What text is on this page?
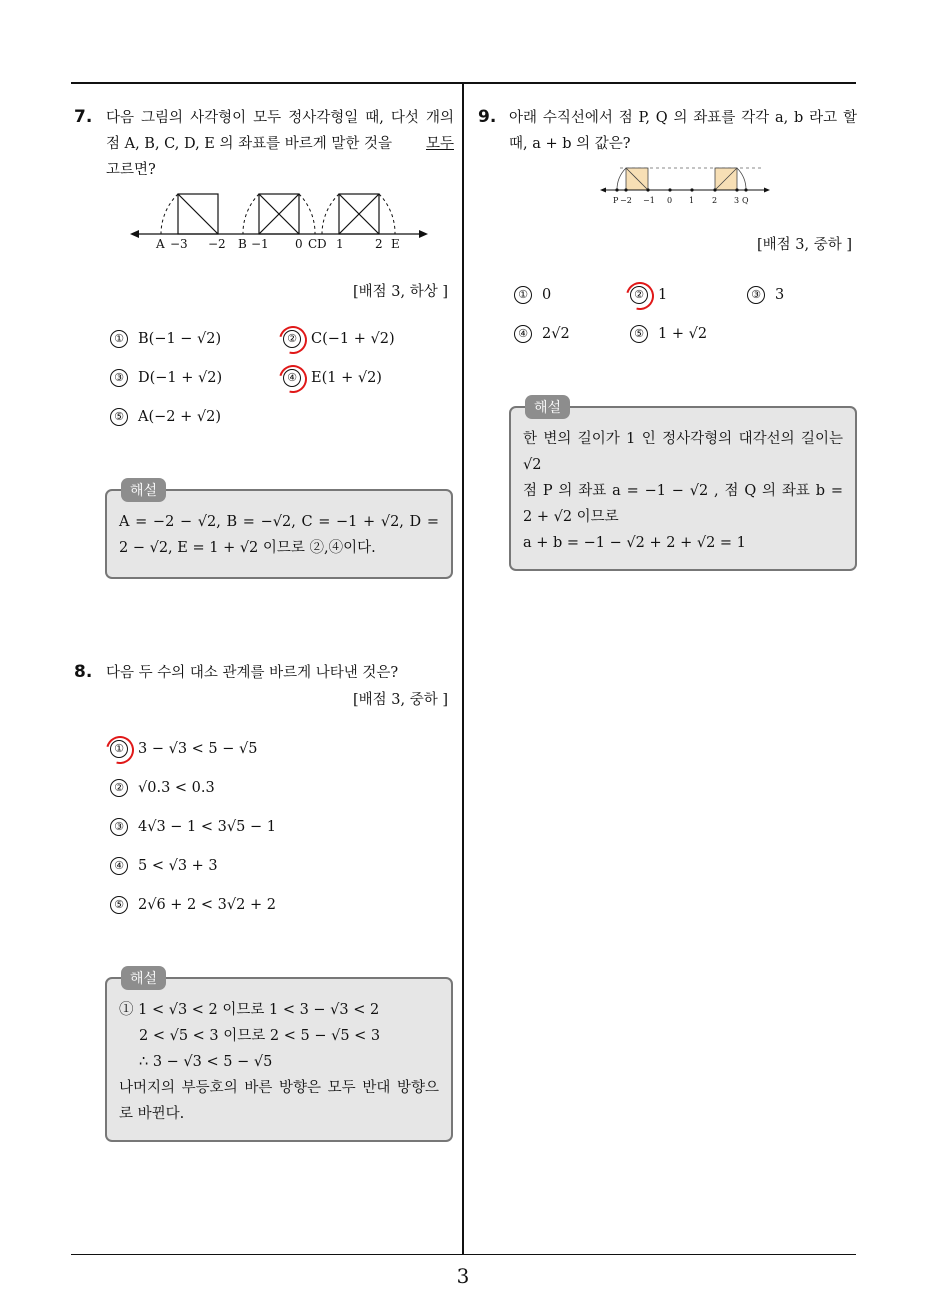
3
7. 다음 그림의 사각형이 모두 정사각형일 때, 다섯 개의
점 A, B, C, D, E 의 좌표를 바르게 말한 것을 모두
고르면?
A −3 −2 B −1 0 C D 1	2 E
[배점 3, 하상 ]
① B(−1 − √2)	② C(−1 + √2)
③ D(−1 + √2)	④ E(1 + √2)
⑤ A(−2 + √2)
해설
A = −2 − √2, B = −√2, C = −1 + √2, D =
2 − √2, E = 1 + √2 이므로 ②,④이다.
8. 다음 두 수의 대소 관계를 바르게 나타낸 것은?
[배점 3, 중하 ]
① 3 − √3 < 5 − √5
② √0.3 < 0.3
③ 4√3 − 1 < 3√5 − 1
④ 5 < √3 + 3
⑤ 2√6 + 2 < 3√2 + 2
해설
① 1 < √3 < 2 이므로 1 < 3 − √3 < 2
2 < √5 < 3 이므로 2 < 5 − √5 < 3
∴ 3 − √3 < 5 − √5
나머지의 부등호의 바른 방향은 모두 반대 방향으
로 바뀐다.
9. 아래 수직선에서 점 P, Q 의 좌표를 각각 a, b 라고 할
때, a + b 의 값은?
P −2 −1 0 1 2 3 Q
[배점 3, 중하 ]
① 0	② 1	③ 3
④ 2√2	⑤ 1 + √2
해설
한 변의 길이가 1 인 정사각형의 대각선의 길이는
√2
점 P 의 좌표 a = −1 − √2 , 점 Q 의 좌표 b =
2 + √2 이므로
a + b = −1 − √2 + 2 + √2 = 1
